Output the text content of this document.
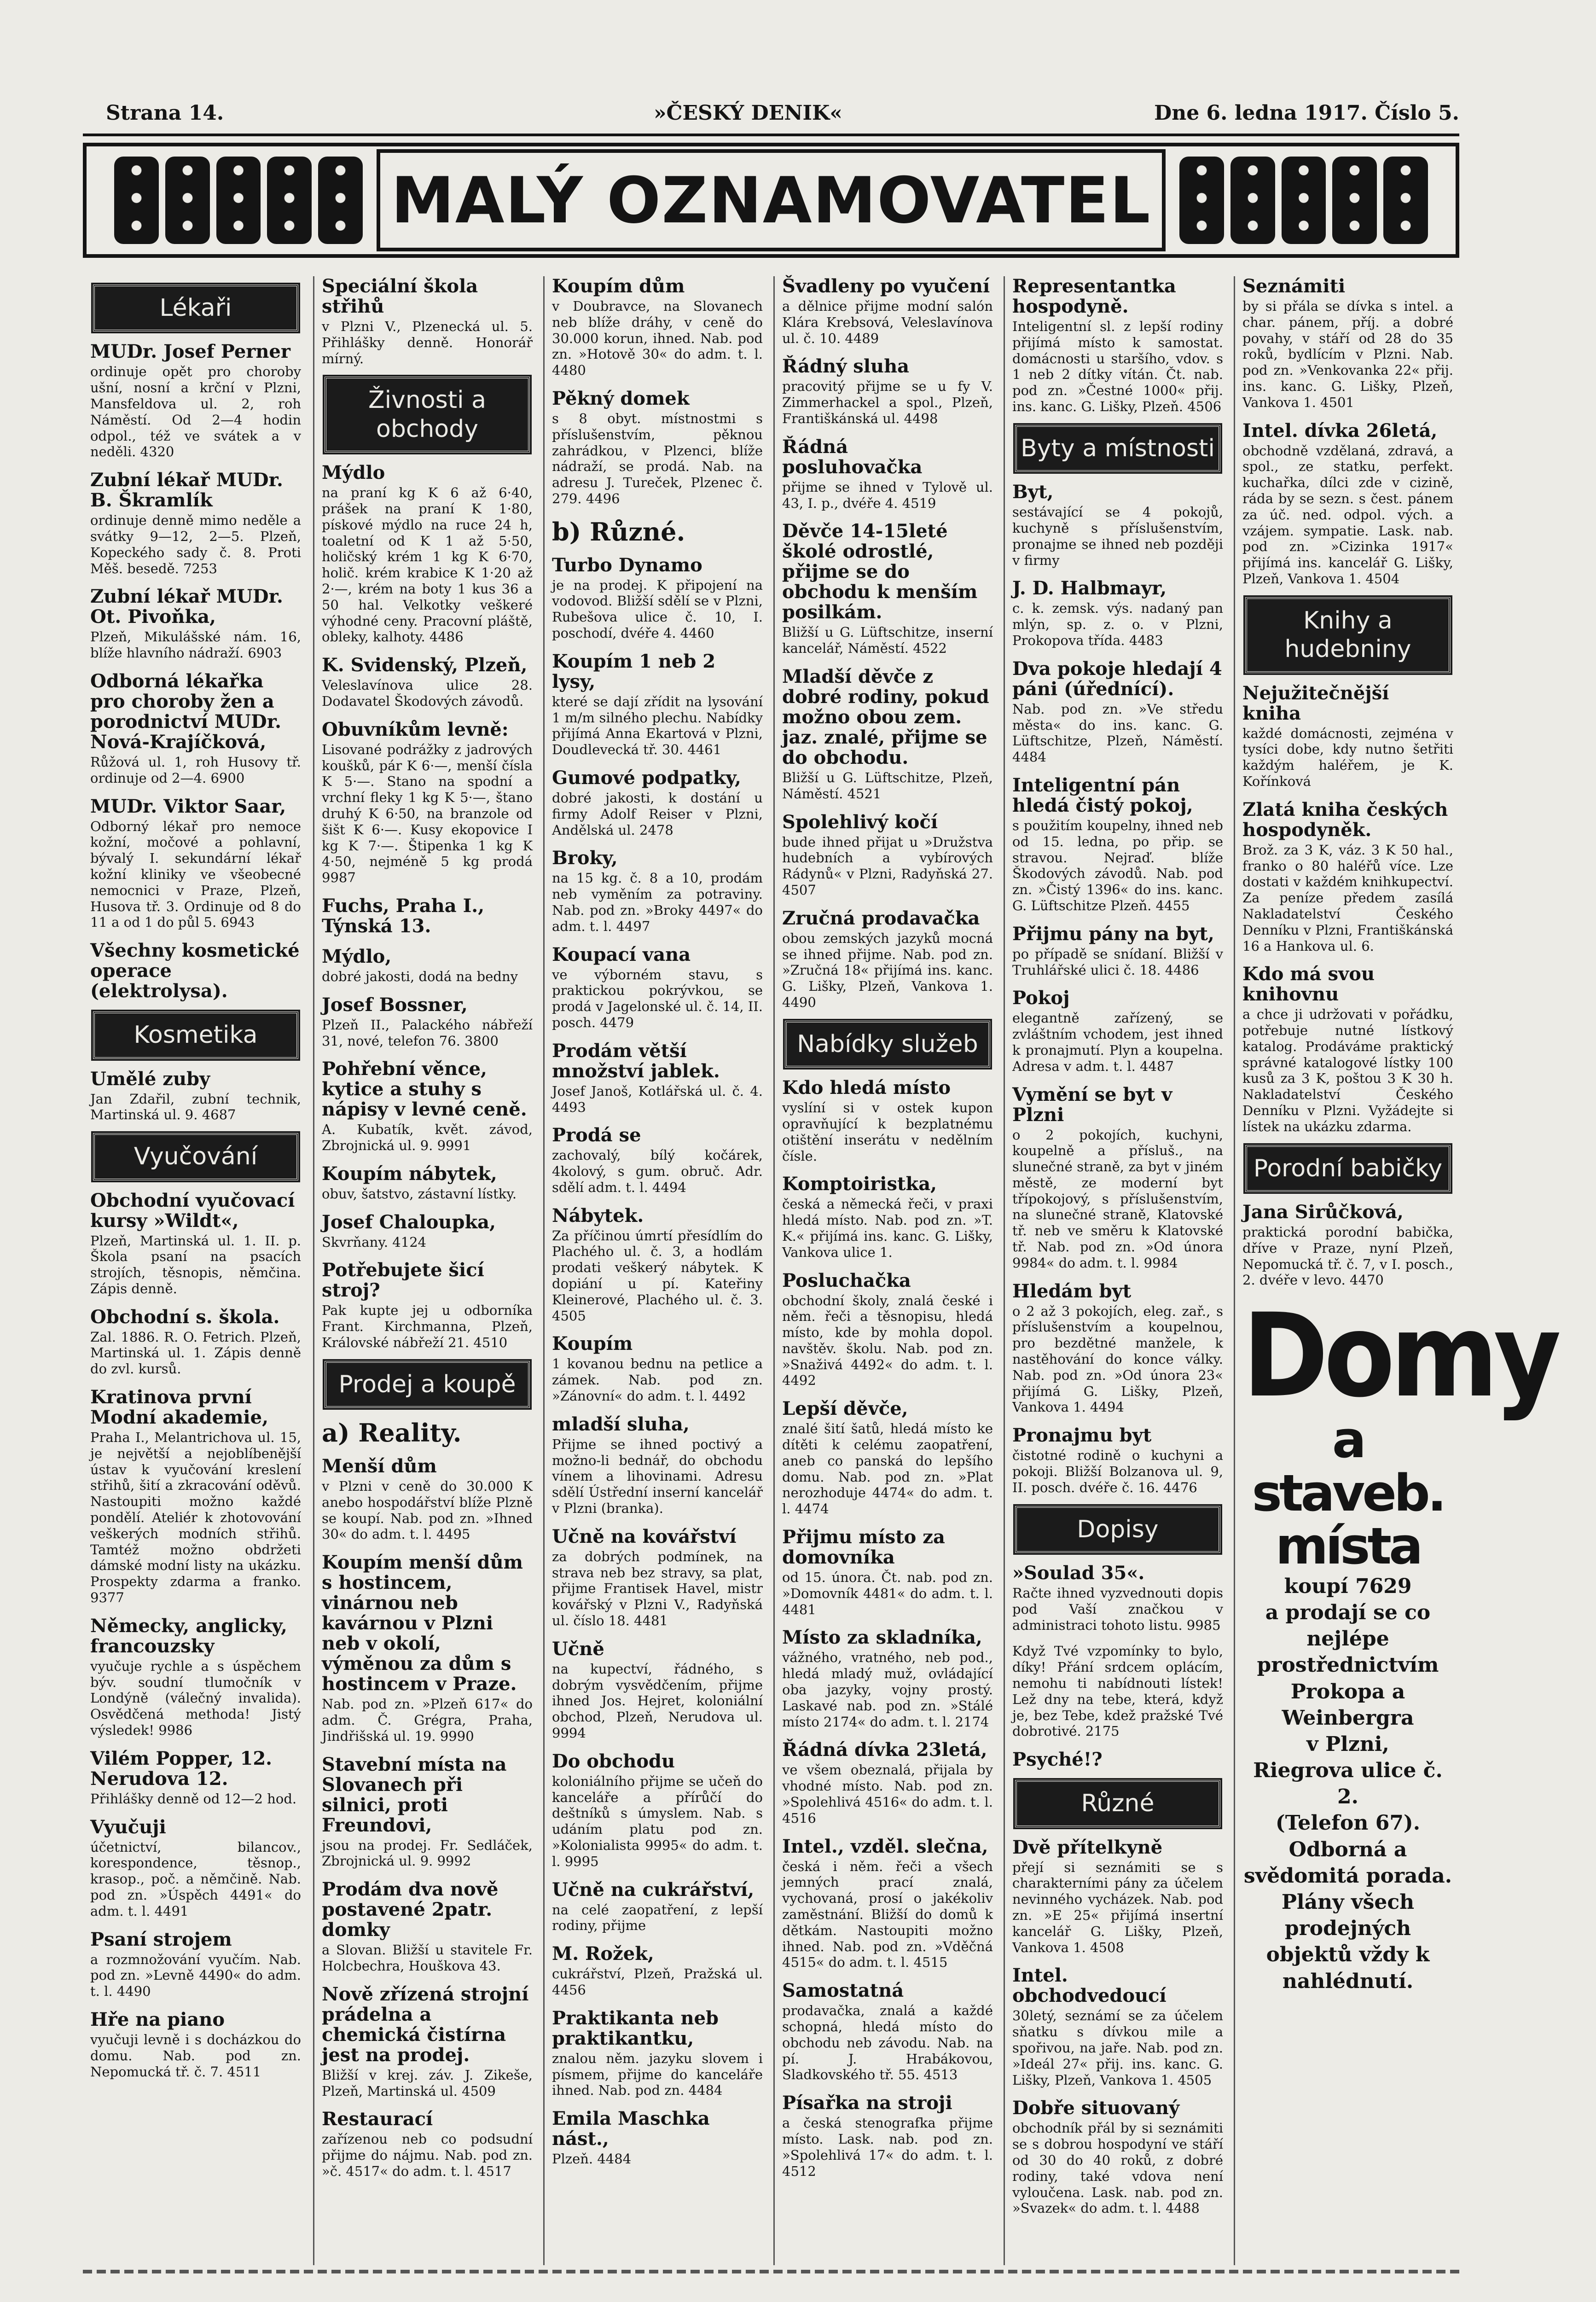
Strana 14.	»ČESKÝ DENIK«	Dne 6. ledna 1917. Číslo 5.
MALÝ OZNAMOVATEL
Lékaři
MUDr. Josef Perner

ordinuje opět pro choroby ušní, nosní a krční v Plzni, Mansfeldova ul. 2, roh Náměstí. Od 2—4 hodin odpol., též ve svátek a v neděli. 4320

Zubní lékař MUDr. B. Škramlík

ordinuje denně mimo neděle a svátky 9—12, 2—5. Plzeň, Kopeckého sady č. 8. Proti Měš. besedě. 7253

Zubní lékař MUDr. Ot. Pivoňka,

Plzeň, Mikulášské nám. 16, blíže hlavního nádraží. 6903

Odborná lékařka pro choroby žen a porodnictví MUDr. Nová-Krajíčková,

Růžová ul. 1, roh Husovy tř. ordinuje od 2—4. 6900

MUDr. Viktor Saar,

Odborný lékař pro nemoce kožní, močové a pohlavní, bývalý I. sekundární lékař kožní kliniky ve všeobecné nemocnici v Praze, Plzeň, Husova tř. 3. Ordinuje od 8 do 11 a od 1 do půl 5. 6943

Všechny kosmetické operace (elektrolysa).
Kosmetika
Umělé zuby

Jan Zdařil, zubní technik, Martinská ul. 9. 4687

Vyučování
Obchodní vyučovací kursy »Wildt«,

Plzeň, Martinská ul. 1. II. p. Škola psaní na psacích strojích, těsnopis, němčina. Zápis denně.

Obchodní s. škola.

Zal. 1886. R. O. Fetrich. Plzeň, Martinská ul. 1. Zápis denně do zvl. kursů.

Kratinova první Modní akademie,

Praha I., Melantrichova ul. 15, je největší a nejoblíbenější ústav k vyučování kreslení střihů, šití a zkracování oděvů. Nastoupiti možno každé pondělí. Ateliér k zhotovování veškerých modních střihů. Tamtéž možno obdržeti dámské modní listy na ukázku. Prospekty zdarma a franko. 9377

Německy, anglicky, francouzsky

vyučuje rychle a s úspěchem býv. soudní tlumočník v Londýně (válečný invalida). Osvědčená methoda! Jistý výsledek! 9986

Vilém Popper, 12. Nerudova 12.

Přihlášky denně od 12—2 hod.

Vyučuji

účetnictví, bilancov., korespondence, těsnop., krasop., poč. a němčině. Nab. pod zn. »Úspěch 4491« do adm. t. l. 4491

Psaní strojem

a rozmnožování vyučím. Nab. pod zn. »Levně 4490« do adm. t. l. 4490

Hře na piano

vyučuji levně i s docházkou do domu. Nab. pod zn. Nepomucká tř. č. 7. 4511

Speciální škola střihů

v Plzni V., Plzenecká ul. 5. Přihlášky denně. Honorář mírný.

Živnosti a obchody
Mýdlo

na praní kg K 6 až 6·40, prášek na praní K 1·80, pískové mýdlo na ruce 24 h, toaletní od K 1 až 5·50, holičský krém 1 kg K 6·70, holič. krém krabice K 1·20 až 2·—, krém na boty 1 kus 36 a 50 hal. Velkotky veškeré výhodné ceny. Pracovní pláště, obleky, kalhoty. 4486

K. Svidenský, Plzeň,

Veleslavínova ulice 28. Dodavatel Škodových závodů.

Obuvníkům levně:

Lisované podrážky z jadrových koušků, pár K 6·—, menší čísla K 5·—. Stano na spodní a vrchní fleky 1 kg K 5·—, štano druhý K 6·50, na branzole od šišt K 6·—. Kusy ekopovice I kg K 7·—. Štipenka 1 kg K 4·50, nejméně 5 kg prodá 9987

Fuchs, Praha I., Týnská 13.
Mýdlo,

dobré jakosti, dodá na bedny

Josef Bossner,

Plzeň II., Palackého nábřeží 31, nové, telefon 76. 3800

Pohřební věnce, kytice a stuhy s nápisy v levné ceně.

A. Kubatík, květ. závod, Zbrojnická ul. 9. 9991

Koupím nábytek,

obuv, šatstvo, zástavní lístky.

Josef Chaloupka,

Skvrňany. 4124

Potřebujete šicí stroj?

Pak kupte jej u odborníka Frant. Kirchmanna, Plzeň, Královské nábřeží 21. 4510

Prodej a koupě
a) Reality.
Menší dům

v Plzni v ceně do 30.000 K anebo hospodářství blíže Plzně se koupí. Nab. pod zn. »Ihned 30« do adm. t. l. 4495

Koupím menší dům s hostincem, vinárnou neb kavárnou v Plzni neb v okolí, výměnou za dům s hostincem v Praze.

Nab. pod zn. »Plzeň 617« do adm. Č. Grégra, Praha, Jindřišská ul. 19. 9990

Stavební místa na Slovanech při silnici, proti Freundovi,

jsou na prodej. Fr. Sedláček, Zbrojnická ul. 9. 9992

Prodám dva nově postavené 2patr. domky

a Slovan. Bližší u stavitele Fr. Holcbechra, Houškova 43.

Nově zřízená strojní prádelna a chemická čistírna jest na prodej.

Bližší v krej. záv. J. Zikeše, Plzeň, Martinská ul. 4509

Restaurací

zařízenou neb co podsudní přijme do nájmu. Nab. pod zn. »č. 4517« do adm. t. l. 4517

Koupím dům

v Doubravce, na Slovanech neb blíže dráhy, v ceně do 30.000 korun, ihned. Nab. pod zn. »Hotově 30« do adm. t. l. 4480

Pěkný domek

s 8 obyt. místnostmi s příslušenstvím, pěknou zahrádkou, v Plzenci, blíže nádraží, se prodá. Nab. na adresu J. Tureček, Plzenec č. 279. 4496

b) Různé.
Turbo Dynamo

je na prodej. K připojení na vodovod. Bližší sdělí se v Plzni, Rubešova ulice č. 10, I. poschodí, dvéře 4. 4460

Koupím 1 neb 2 lysy,

které se dají zřídit na lysování 1 m/m silného plechu. Nabídky přijímá Anna Ekartová v Plzni, Doudlevecká tř. 30. 4461

Gumové podpatky,

dobré jakosti, k dostání u firmy Adolf Reiser v Plzni, Andělská ul. 2478

Broky,

na 15 kg. č. 8 a 10, prodám neb vyměním za potraviny. Nab. pod zn. »Broky 4497« do adm. t. l. 4497

Koupací vana

ve výborném stavu, s praktickou pokrývkou, se prodá v Jagelonské ul. č. 14, II. posch. 4479

Prodám větší množství jablek.

Josef Janoš, Kotlářská ul. č. 4. 4493

Prodá se

zachovalý, bílý kočárek, 4kolový, s gum. obruč. Adr. sdělí adm. t. l. 4494

Nábytek.

Za příčinou úmrtí přesídlím do Plachého ul. č. 3, a hodlám prodati veškerý nábytek. K dopiání u pí. Kateřiny Kleinerové, Plachého ul. č. 3. 4505

Koupím

1 kovanou bednu na petlice a zámek. Nab. pod zn. »Zánovní« do adm. t. l. 4492

mladší sluha,

Přijme se ihned poctivý a možno-li bednář, do obchodu vínem a lihovinami. Adresu sdělí Ústřední inserní kancelář v Plzni (branka).

Učně na kovářství

za dobrých podmínek, na strava neb bez stravy, sa plat, přijme Frantisek Havel, mistr kovářský v Plzni V., Radyňská ul. číslo 18. 4481

Učně

na kupectví, řádného, s dobrým vysvědčením, přijme ihned Jos. Hejret, koloniální obchod, Plzeň, Nerudova ul. 9994

Do obchodu

koloniálního přijme se učeň do kanceláře a přírůčí do deštníků s úmyslem. Nab. s udáním platu pod zn. »Kolonialista 9995« do adm. t. l. 9995

Učně na cukrářství,

na celé zaopatření, z lepší rodiny, přijme

M. Rožek,

cukrářství, Plzeň, Pražská ul. 4456

Praktikanta neb praktikantku,

znalou něm. jazyku slovem i písmem, přijme do kanceláře ihned. Nab. pod zn. 4484

Emila Maschka nást.,

Plzeň. 4484

Švadleny po vyučení

a dělnice přijme modní salón Klára Krebsová, Veleslavínova ul. č. 10. 4489

Řádný sluha

pracovitý přijme se u fy V. Zimmerhackel a spol., Plzeň, Františkánská ul. 4498

Řádná posluhovačka

přijme se ihned v Tylově ul. 43, I. p., dvéře 4. 4519

Děvče 14-15leté školé odrostlé, přijme se do obchodu k menším posilkám.

Bližší u G. Lüftschitze, inserní kancelář, Náměstí. 4522

Mladší děvče z dobré rodiny, pokud možno obou zem. jaz. znalé, přijme se do obchodu.

Bližší u G. Lüftschitze, Plzeň, Náměstí. 4521

Spolehlivý kočí

bude ihned přijat u »Družstva hudebních a vybírových Rádynů« v Plzni, Radyňská 27. 4507

Zručná prodavačka

obou zemských jazyků mocná se ihned přijme. Nab. pod zn. »Zručná 18« přijímá ins. kanc. G. Lišky, Plzeň, Vankova 1. 4490

Nabídky služeb
Kdo hledá místo

vyslíní si v ostek kupon opravňující k bezplatnému otištění inserátu v nedělním čísle.

Komptoiristka,

česká a německá řeči, v praxi hledá místo. Nab. pod zn. »T. K.« přijímá ins. kanc. G. Lišky, Vankova ulice 1.

Posluchačka

obchodní školy, znalá české i něm. řeči a těsnopisu, hledá místo, kde by mohla dopol. navštěv. školu. Nab. pod zn. »Snaživá 4492« do adm. t. l. 4492

Lepší děvče,

znalé šití šatů, hledá místo ke dítěti k celému zaopatření, aneb co panská do lepšího domu. Nab. pod zn. »Plat nerozhoduje 4474« do adm. t. l. 4474

Přijmu místo za domovníka

od 15. února. Čt. nab. pod zn. »Domovník 4481« do adm. t. l. 4481

Místo za skladníka,

vážného, vratného, neb pod., hledá mladý muž, ovládající oba jazyky, vojny prostý. Laskavé nab. pod zn. »Stálé místo 2174« do adm. t. l. 2174

Řádná dívka 23letá,

ve všem obeznalá, přijala by vhodné místo. Nab. pod zn. »Spolehlivá 4516« do adm. t. l. 4516

Intel., vzděl. slečna,

česká i něm. řeči a všech jemných prací znalá, vychovaná, prosí o jakékoliv zaměstnání. Bližší do domů k dětkám. Nastoupiti možno ihned. Nab. pod zn. »Vděčná 4515« do adm. t. l. 4515

Samostatná

prodavačka, znalá a každé schopná, hledá místo do obchodu neb závodu. Nab. na pí. J. Hrabákovou, Sladkovského tř. 55. 4513

Písařka na stroji

a česká stenografka přijme místo. Lask. nab. pod zn. »Spolehlivá 17« do adm. t. l. 4512

Representantka hospodyně.

Inteligentní sl. z lepší rodiny přijímá místo k samostat. domácnosti u staršího, vdov. s 1 neb 2 dítky vítán. Čt. nab. pod zn. »Čestné 1000« přij. ins. kanc. G. Lišky, Plzeň. 4506

Byty a místnosti
Byt,

sestávající se 4 pokojů, kuchyně s příslušenstvím, pronajme se ihned neb později v firmy

J. D. Halbmayr,

c. k. zemsk. výs. nadaný pan mlýn, sp. z. o. v Plzni, Prokopova třída. 4483

Dva pokoje hledají 4 páni (úřednící).

Nab. pod zn. »Ve středu města« do ins. kanc. G. Lüftschitze, Plzeň, Náměstí. 4484

Inteligentní pán hledá čistý pokoj,

s použitím koupelny, ihned neb od 15. ledna, po přip. se stravou. Nejraď. blíže Škodových závodů. Nab. pod zn. »Čistý 1396« do ins. kanc. G. Lüftschitze Plzeň. 4455

Přijmu pány na byt,

po případě se snídaní. Bližší v Truhlářské ulici č. 18. 4486

Pokoj

elegantně zařízený, se zvláštním vchodem, jest ihned k pronajmutí. Plyn a koupelna. Adresa v adm. t. l. 4487

Vymění se byt v Plzni

o 2 pokojích, kuchyni, koupelně a přísluš., na slunečné straně, za byt v jiném městě, ze moderní byt třípokojový, s příslušenstvím, na slunečné straně, Klatovské tř. neb ve směru k Klatovské tř. Nab. pod zn. »Od února 9984« do adm. t. l. 9984

Hledám byt

o 2 až 3 pokojích, eleg. zař., s příslušenstvím a koupelnou, pro bezdětné manžele, k nastěhování do konce války. Nab. pod zn. »Od února 23« přijímá G. Lišky, Plzeň, Vankova 1. 4494

Pronajmu byt

čistotné rodině o kuchyni a pokoji. Bližší Bolzanova ul. 9, II. posch. dvéře č. 16. 4476

Dopisy
»Soulad 35«.

Račte ihned vyzvednouti dopis pod Vaší značkou v administraci tohoto listu. 9985

Když Tvé vzpomínky to bylo, díky! Přání srdcem oplácím, nemohu ti nabídnouti lístek! Lež dny na tebe, která, když je, bez Tebe, kdež pražské Tvé dobrotivé. 2175

Psyché!?
Různé
Dvě přítelkyně

přejí si seznámiti se s charakterními pány za účelem nevinného vycházek. Nab. pod zn. »E 25« přijímá insertní kancelář G. Lišky, Plzeň, Vankova 1. 4508

Intel. obchodvedoucí

30letý, seznámí se za účelem sňatku s dívkou mile a spořivou, na jaře. Nab. pod zn. »Ideál 27« přij. ins. kanc. G. Lišky, Plzeň, Vankova 1. 4505

Dobře situovaný

obchodník přál by si seznámiti se s dobrou hospodyní ve stáří od 30 do 40 roků, z dobré rodiny, také vdova není vyloučena. Lask. nab. pod zn. »Svazek« do adm. t. l. 4488

Seznámiti

by si přála se dívka s intel. a char. pánem, příj. a dobré povahy, v stáří od 28 do 35 roků, bydlícím v Plzni. Nab. pod zn. »Venkovanka 22« přij. ins. kanc. G. Lišky, Plzeň, Vankova 1. 4501

Intel. dívka 26letá,

obchodně vzdělaná, zdravá, a spol., ze statku, perfekt. kuchařka, dílci zde v cizině, ráda by se sezn. s čest. pánem za úč. ned. odpol. vých. a vzájem. sympatie. Lask. nab. pod zn. »Cizinka 1917« přijímá ins. kancelář G. Lišky, Plzeň, Vankova 1. 4504

Knihy a hudebniny
Nejužitečnější kniha

každé domácnosti, zejména v tysíci dobe, kdy nutno šetřiti každým haléřem, je K. Kořínková

Zlatá kniha českých hospodyněk.

Brož. za 3 K, váz. 3 K 50 hal., franko o 80 haléřů více. Lze dostati v každém knihkupectví. Za peníze předem zasílá Nakladatelství Českého Denníku v Plzni, Františkánská 16 a Hankova ul. 6.

Kdo má svou knihovnu

a chce ji udržovati v pořádku, potřebuje nutné lístkový katalog. Prodáváme praktický správné katalogové lístky 100 kusů za 3 K, poštou 3 K 30 h. Nakladatelství Českého Denníku v Plzni. Vyžádejte si lístek na ukázku zdarma.

Porodní babičky
Jana Sirůčková,

praktická porodní babička, dříve v Praze, nyní Plzeň, Nepomucká tř. č. 7, v I. posch., 2. dvéře v levo. 4470

Domy
a staveb. místa
koupí 7629
a prodají se co nejlépe prostřednictvím
Prokopa a Weinbergra
v Plzni,
Riegrova ulice č. 2.
(Telefon 67).
Odborná a svědomitá porada.
Plány všech prodejných objektů vždy k nahlédnutí.
